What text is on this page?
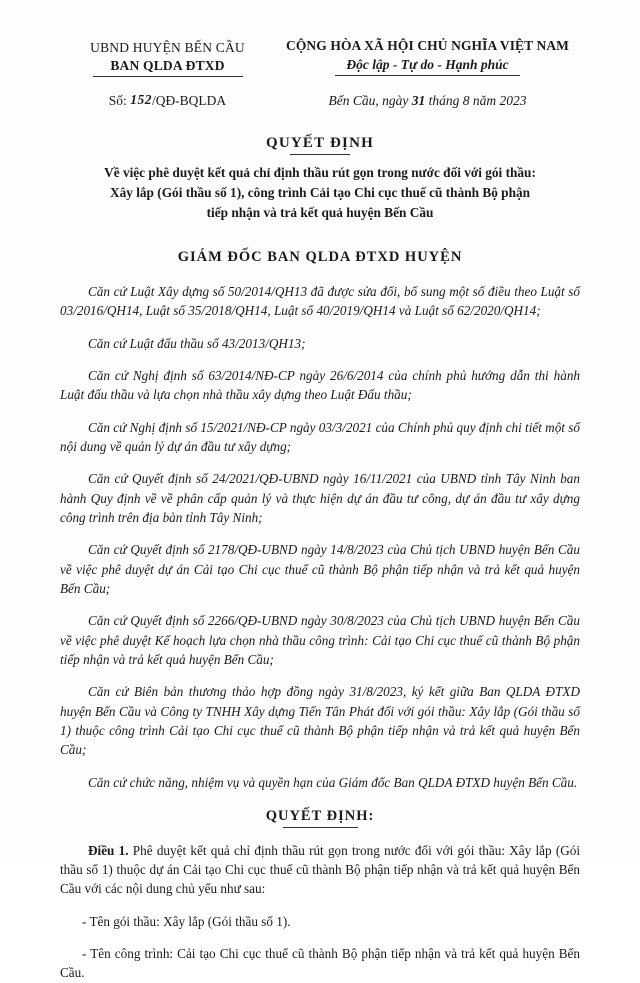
UBND HUYỆN BẾN CẦU
BAN QLDA ĐTXD
CỘNG HÒA XÃ HỘI CHỦ NGHĨA VIỆT NAM
Độc lập - Tự do - Hạnh phúc
Số: 152/QĐ-BQLDA	Bến Cầu, ngày 31 tháng 8 năm 2023
QUYẾT ĐỊNH
Về việc phê duyệt kết quả chỉ định thầu rút gọn trong nước đối với gói thầu:
Xây lắp (Gói thầu số 1), công trình Cải tạo Chi cục thuế cũ thành Bộ phận
tiếp nhận và trả kết quả huyện Bến Cầu
GIÁM ĐỐC BAN QLDA ĐTXD HUYỆN

Căn cứ Luật Xây dựng số 50/2014/QH13 đã được sửa đổi, bổ sung một số điều theo Luật số 03/2016/QH14, Luật số 35/2018/QH14, Luật số 40/2019/QH14 và Luật số 62/2020/QH14;

Căn cứ Luật đấu thầu số 43/2013/QH13;

Căn cứ Nghị định số 63/2014/NĐ-CP ngày 26/6/2014 của chính phủ hướng dẫn thi hành Luật đấu thầu và lựa chọn nhà thầu xây dựng theo Luật Đấu thầu;

Căn cứ Nghị định số 15/2021/NĐ-CP ngày 03/3/2021 của Chính phủ quy định chi tiết một số nội dung về quản lý dự án đầu tư xây dựng;

Căn cứ Quyết định số 24/2021/QĐ-UBND ngày 16/11/2021 của UBND tỉnh Tây Ninh ban hành Quy định về về phân cấp quản lý và thực hiện dự án đầu tư công, dự án đầu tư xây dựng công trình trên địa bàn tỉnh Tây Ninh;

Căn cứ Quyết định số 2178/QĐ-UBND ngày 14/8/2023 của Chủ tịch UBND huyện Bến Cầu về việc phê duyệt dự án Cải tạo Chi cục thuế cũ thành Bộ phận tiếp nhận và trả kết quả huyện Bến Cầu;

Căn cứ Quyết định số 2266/QĐ-UBND ngày 30/8/2023 của Chủ tịch UBND huyện Bến Cầu về việc phê duyệt Kế hoạch lựa chọn nhà thầu công trình: Cải tạo Chi cục thuế cũ thành Bộ phận tiếp nhận và trả kết quả huyện Bến Cầu;

Căn cứ Biên bản thương thảo hợp đồng ngày 31/8/2023, ký kết giữa Ban QLDA ĐTXD huyện Bến Cầu và Công ty TNHH Xây dựng Tiến Tân Phát đối với gói thầu: Xây lắp (Gói thầu số 1) thuộc công trình Cải tạo Chi cục thuế cũ thành Bộ phận tiếp nhận và trả kết quả huyện Bến Cầu;

Căn cứ chức năng, nhiệm vụ và quyền hạn của Giám đốc Ban QLDA ĐTXD huyện Bến Cầu.

QUYẾT ĐỊNH:

Điều 1. Phê duyệt kết quả chỉ định thầu rút gọn trong nước đối với gói thầu: Xây lắp (Gói thầu số 1) thuộc dự án Cải tạo Chi cục thuế cũ thành Bộ phận tiếp nhận và trả kết quả huyện Bến Cầu với các nội dung chủ yếu như sau:

- Tên gói thầu: Xây lắp (Gói thầu số 1).

- Tên công trình: Cải tạo Chi cục thuế cũ thành Bộ phận tiếp nhận và trả kết quả huyện Bến Cầu.
